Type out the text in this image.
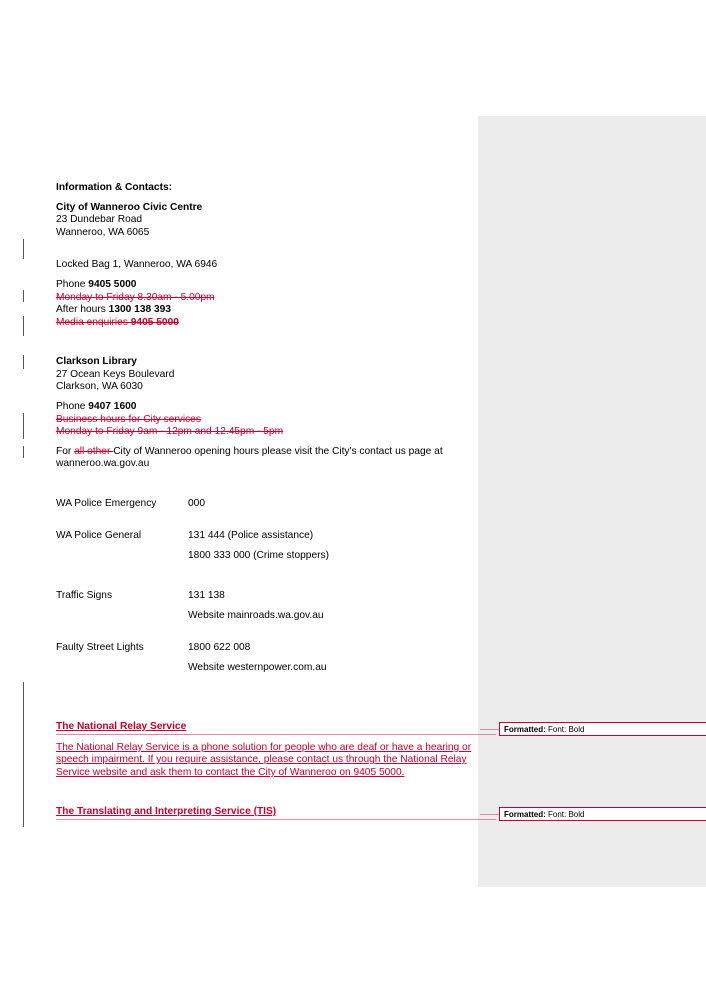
Information & Contacts:
City of Wanneroo Civic Centre
23 Dundebar Road
Wanneroo, WA 6065
Locked Bag 1, Wanneroo, WA 6946
Phone 9405 5000
Monday to Friday 8.30am - 5.00pm
After hours 1300 138 393
Media enquiries 9405 5000
Clarkson Library
27 Ocean Keys Boulevard
Clarkson, WA 6030
Phone 9407 1600
Business hours for City services
Monday to Friday 9am - 12pm and 12.45pm - 5pm
For all other City of Wanneroo opening hours please visit the City's contact us page at
wanneroo.wa.gov.au
WA Police Emergency	000
WA Police General	131 444 (Police assistance)
1800 333 000 (Crime stoppers)
Traffic Signs	131 138
Website mainroads.wa.gov.au
Faulty Street Lights	1800 622 008
Website westernpower.com.au
The National Relay Service
The National Relay Service is a phone solution for people who are deaf or have a hearing or
speech impairment. If you require assistance, please contact us through the National Relay
Service website and ask them to contact the City of Wanneroo on 9405 5000.
The Translating and Interpreting Service (TIS)
Formatted: Font: Bold
Formatted: Font: Bold
